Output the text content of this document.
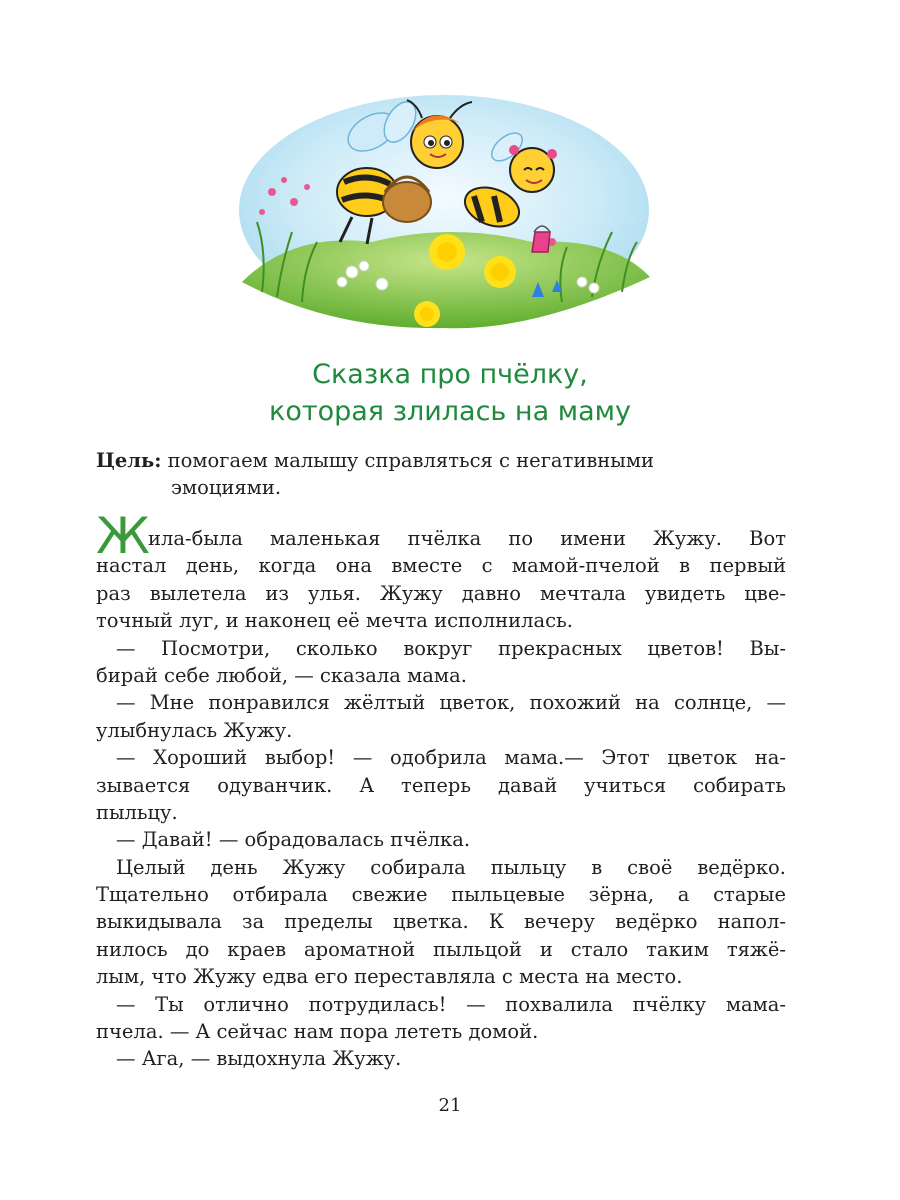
Сказка про пчёлку,
которая злилась на маму
Цель: помогаем малышу справляться с негативными
эмоциями.
Ж
ила-была маленькая пчёлка по имени Жужу. Вот
настал день, когда она вместе с мамой-пчелой в первый
раз вылетела из улья. Жужу давно мечтала увидеть цве-
точный луг, и наконец её мечта исполнилась.
— Посмотри, сколько вокруг прекрасных цветов! Вы-
бирай себе любой, — сказала мама.
— Мне понравился жёлтый цветок, похожий на солнце, —
улыбнулась Жужу.
— Хороший выбор! — одобрила мама.— Этот цветок на-
зывается одуванчик. А теперь давай учиться собирать
пыльцу.
— Давай! — обрадовалась пчёлка.
Целый день Жужу собирала пыльцу в своё ведёрко.
Тщательно отбирала свежие пыльцевые зёрна, а старые
выкидывала за пределы цветка. К вечеру ведёрко напол-
нилось до краев ароматной пыльцой и стало таким тяжё-
лым, что Жужу едва его переставляла с места на место.
— Ты отлично потрудилась! — похвалила пчёлку мама-
пчела. — А сейчас нам пора лететь домой.
— Ага, — выдохнула Жужу.
21
